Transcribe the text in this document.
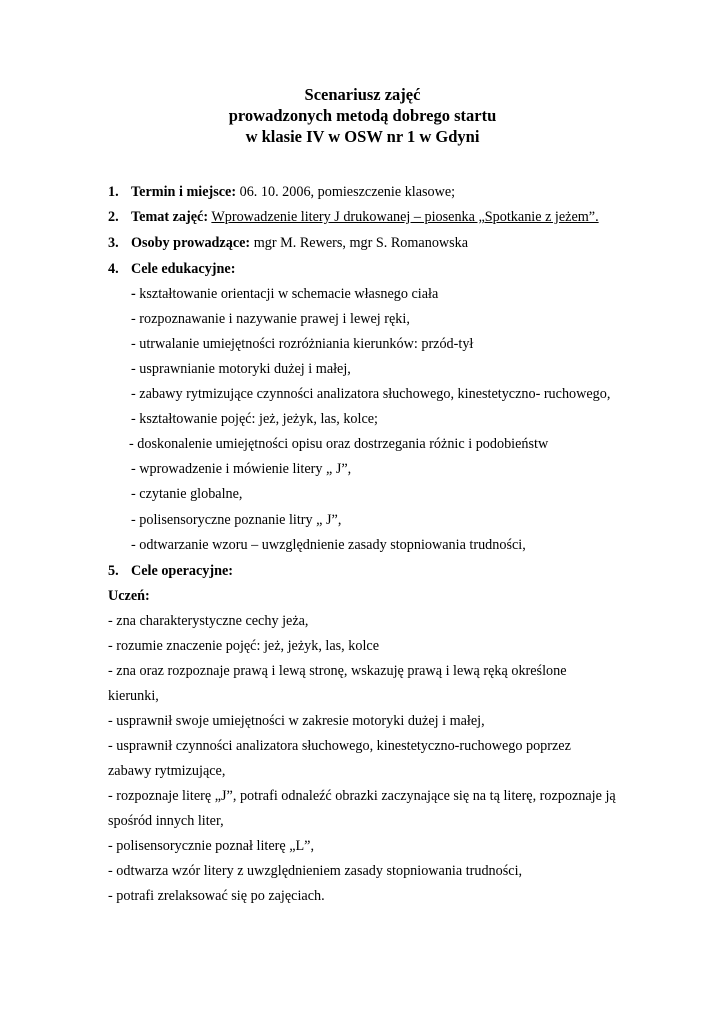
Scenariusz zajęć
prowadzonych metodą dobrego startu
w klasie IV w OSW nr 1 w Gdyni
1. Termin i miejsce: 06. 10. 2006, pomieszczenie klasowe;
2. Temat zajęć: Wprowadzenie litery J drukowanej – piosenka „Spotkanie z jeżem”.
3. Osoby prowadzące: mgr M. Rewers, mgr S. Romanowska
4. Cele edukacyjne:
- kształtowanie orientacji w schemacie własnego ciała
- rozpoznawanie i nazywanie prawej i lewej ręki,
- utrwalanie umiejętności rozróżniania kierunków: przód-tył
- usprawnianie motoryki dużej i małej,
- zabawy rytmizujące czynności analizatora słuchowego, kinestetyczno- ruchowego,
- kształtowanie pojęć: jeż, jeżyk, las, kolce;
- doskonalenie umiejętności opisu oraz dostrzegania różnic i podobieństw
- wprowadzenie i mówienie litery „ J”,
- czytanie globalne,
- polisensoryczne poznanie litry „ J”,
- odtwarzanie wzoru – uwzględnienie zasady stopniowania trudności,
5. Cele operacyjne:
Uczeń:
- zna charakterystyczne cechy jeża,
- rozumie znaczenie pojęć: jeż, jeżyk, las, kolce
- zna oraz rozpoznaje prawą i lewą stronę, wskazuję prawą i lewą ręką określone
kierunki,
- usprawnił swoje umiejętności w zakresie motoryki dużej i małej,
- usprawnił czynności analizatora słuchowego, kinestetyczno-ruchowego poprzez
zabawy rytmizujące,
- rozpoznaje literę „J”, potrafi odnaleźć obrazki zaczynające się na tą literę, rozpoznaje ją
spośród innych liter,
- polisensorycznie poznał literę „L”,
- odtwarza wzór litery z uwzględnieniem zasady stopniowania trudności,
- potrafi zrelaksować się po zajęciach.
